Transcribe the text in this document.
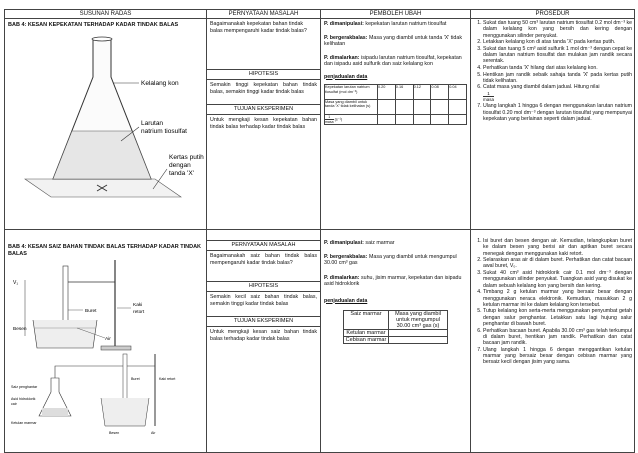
SUSUNAN RADAS	PERNYATAAN MASALAH	PEMBOLEH UBAH	PROSEDUR

BAB 4: KESAN KEPEKATAN TERHADAP KADAR TINDAK BALAS
Kelalang kon
Larutan
natrium tiosulfat
Kertas putih
dengan
tanda 'X'

Bagaimanakah kepekatan bahan tindak balas mempengaruhi kadar tindak balas?
HIPOTESIS
Semakin tinggi kepekatan bahan tindak balas, semakin tinggi kadar tindak balas
TUJUAN EKSPERIMEN
Untuk mengkaji kesan kepekatan bahan tindak balas terhadap kadar tindak balas

P. dimanipulasi: kepekatan larutan natrium tiosulfat
P. bergerakbalas: Masa yang diambil untuk tanda 'X' tidak kelihatan
P. dimalarkan: isipadu larutan natrium tiosulfat, kepekatan dan isipadu asid sulfurik dan saiz kelalang kon
penjadualan data
Kepekatan larutan natrium tiosulfat (mol dm⁻³)	0.20	0.16	0.12	0.08	0.04
Masa yang diambil untuk tanda 'X' tidak kelihatan (s)					

1
masa
(s⁻¹)					

1. Sukat dan tuang 50 cm³ larutan natrium tiosulfat 0.2 mol dm⁻³ ke dalam kelalang kon yang bersih dan kering dengan menggunakan silinder penyukat.
2. Letakkan kelalang kon di atas tanda 'X' pada kertas putih.
3. Sukat dan tuang 5 cm³ asid sulfurik 1 mol dm⁻³ dengan cepat ke dalam larutan natrium tiosulfat dan mulakan jam randik secara serentak.
4. Perhatikan tanda 'X' hilang dari atas kelalang kon.
5. Hentikan jam randik sebaik sahaja tanda 'X' pada kertas putih tidak kelihatan.
6. Catat masa yang diambil dalam jadual. Hitung nilai

1
masa
7. Ulang langkah 1 hingga 6 dengan menggunakan larutan natrium tiosulfat 0.20 mol dm⁻³ dengan larutan tiosulfat yang mempunyai kepekatan yang berlainan seperti dalam jadual.

BAB 4: KESAN SAIZ BAHAN TINDAK BALAS TERHADAP KADAR TINDAK BALAS
V₁
Buret
Kaki
retort
Besen
Air
Saiz penghantar
Asid hidroklorik
cair
Ketulan marmar
Buret	Kaki retort
Besen	Air

PERNYATAAN MASALAH
Bagaimanakah saiz bahan tindak balas mempengaruhi kadar tindak balas?
HIPOTESIS
Semakin kecil saiz bahan tindak balas, semakin tinggi kadar tindak balas
TUJUAN EKSPERIMEN
Untuk mengkaji kesan saiz bahan tindak balas terhadap kadar tindak balas

P. dimanipulasi: saiz marmar
P. bergerakbalas: Masa yang diambil untuk mengumpul 30.00 cm³ gas
P. dimalarkan: suhu, jisim marmar, kepekatan dan isipadu asid hidroklorik
penjadualan data
Saiz marmar	Masa yang diambil untuk mengumpul 30.00 cm³ gas (s)
Ketulan marmar	
Cebisan marmar	

1. Isi buret dan besen dengan air. Kemudian, telangkupkan buret ke dalam besen yang berisi air dan apitkan buret secara menegak dengan menggunakan kaki retort.
2. Selaraskan aras air di dalam buret. Perhatikan dan catat bacaan awal buret, V₀.
3. Sukat 40 cm³ asid hidroklorik cair 0.1 mol dm⁻³ dengan menggunakan silinder penyukat. Tuangkan asid yang disukat ke dalam sebuah kelalang kon yang bersih dan kering.
4. Timbang 2 g ketulan marmar yang bersaiz besar dengan menggunakan neraca elektronik. Kemudian, masukkan 2 g ketulan marmar ini ke dalam kelalang kon tersebut.
5. Tutup kelalang kon serta-merta menggunakan penyumbat getah dengan salur penghantar. Letakkan satu lagi hujung salur penghantar di bawah buret.
6. Perhatikan bacaan buret. Apabila 30.00 cm³ gas telah terkumpul di dalam buret, hentikan jam randik. Perhatikan dan catat bacaan jam randik.
7. Ulang langkah 1 hingga 6 dengan menggantikan ketulan marmar yang bersaiz besar dengan cebisan marmar yang bersaiz kecil dengan jisim yang sama.
